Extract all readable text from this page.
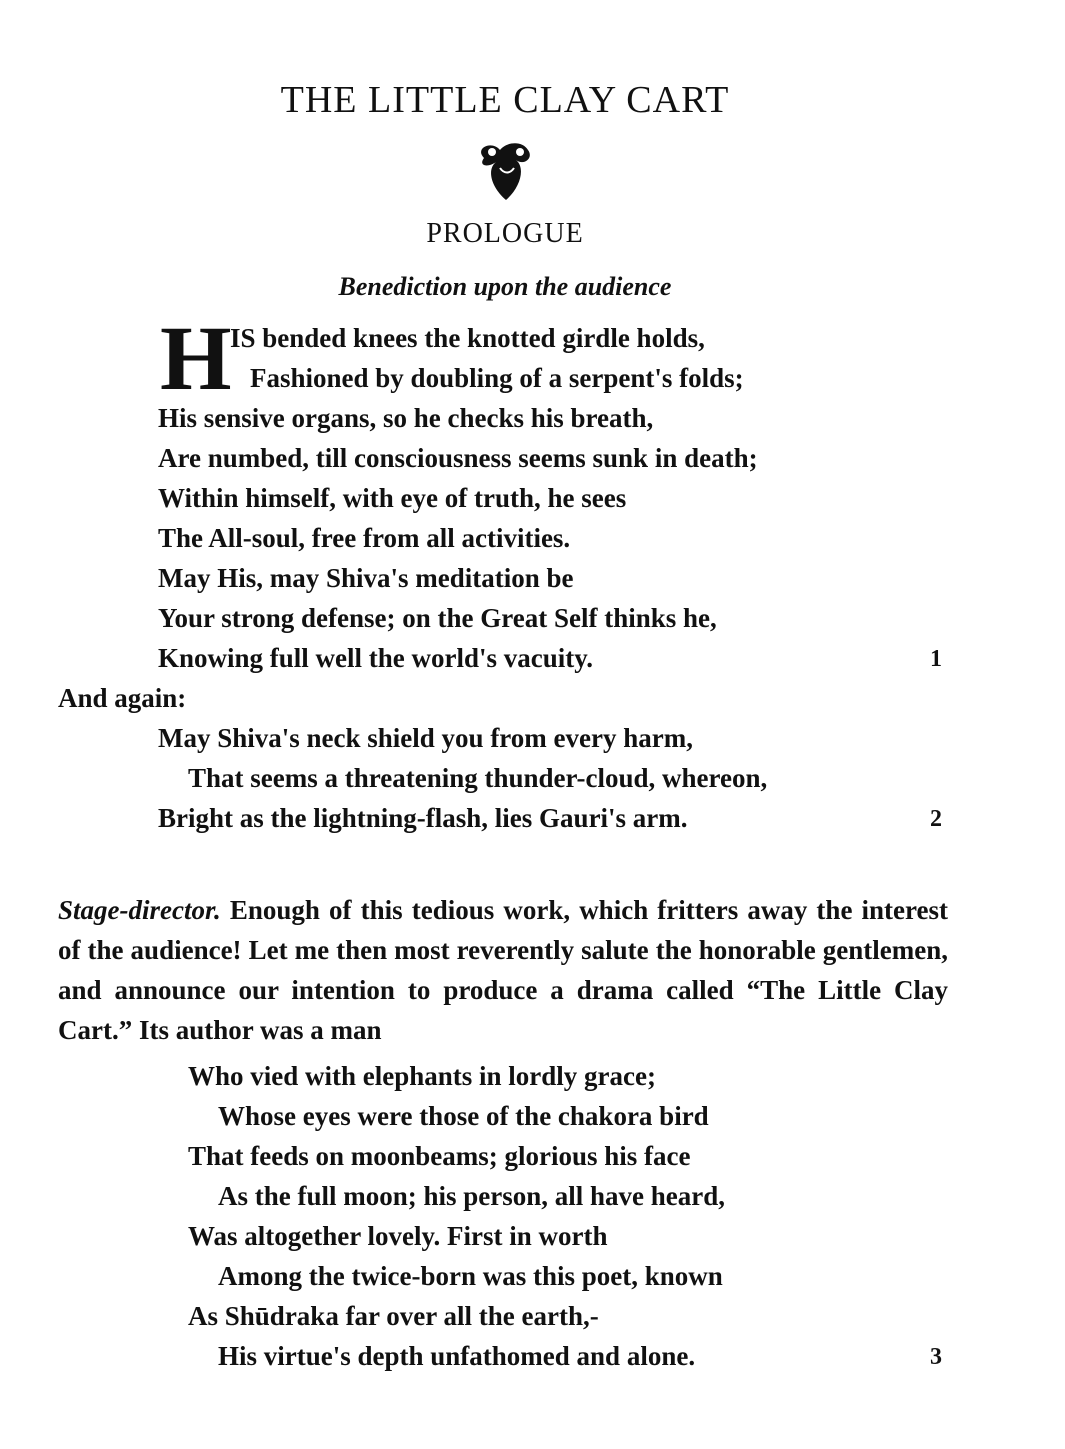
THE LITTLE CLAY CART
PROLOGUE
Benediction upon the audience
H
IS bended knees the knotted girdle holds,
Fashioned by doubling of a serpent's folds;
His sensive organs, so he checks his breath,
Are numbed, till consciousness seems sunk in death;
Within himself, with eye of truth, he sees
The All-soul, free from all activities.
May His, may Shiva's meditation be
Your strong defense; on the Great Self thinks he,
Knowing full well the world's vacuity.	1
And again:
May Shiva's neck shield you from every harm,
That seems a threatening thunder-cloud, whereon,
Bright as the lightning-flash, lies Gauri's arm.	2
Stage-director. Enough of this tedious work, which fritters away the interest of the audience! Let me then most reverently salute the honorable gentlemen, and announce our intention to produce a drama called “The Little Clay Cart.” Its author was a man
Who vied with elephants in lordly grace;
Whose eyes were those of the chakora bird
That feeds on moonbeams; glorious his face
As the full moon; his person, all have heard,
Was altogether lovely. First in worth
Among the twice-born was this poet, known
As Shūdraka far over all the earth,-
His virtue's depth unfathomed and alone.	3
